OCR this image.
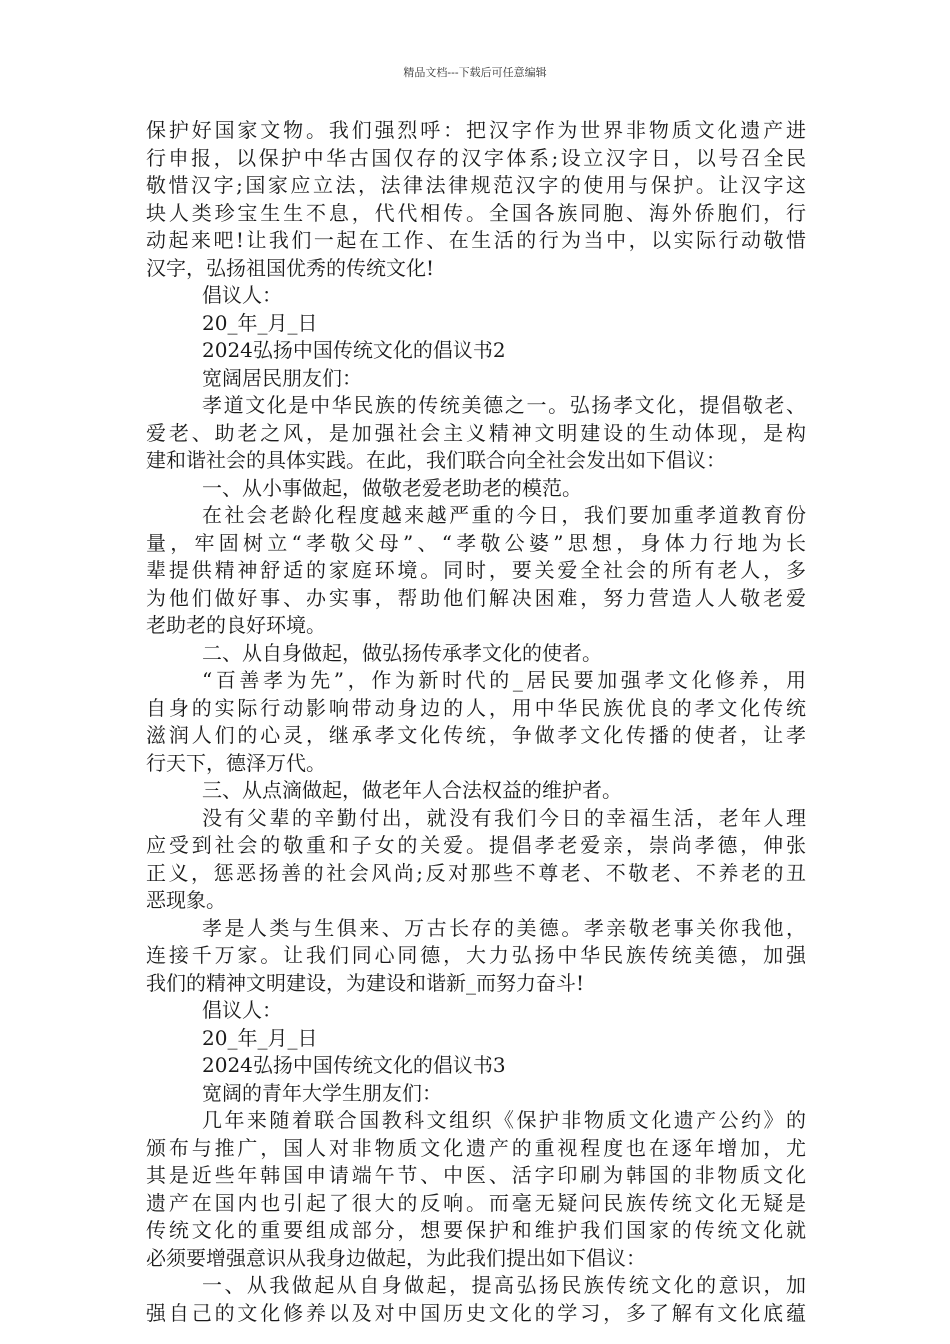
精品文档---下载后可任意编辑
保护好国家文物。我们强烈呼：把汉字作为世界非物质文化遗产进
行申报，以保护中华古国仅存的汉字体系;设立汉字日，以号召全民
敬惜汉字;国家应立法，法律法律规范汉字的使用与保护。让汉字这
块人类珍宝生生不息，代代相传。全国各族同胞、海外侨胞们，行
动起来吧!让我们一起在工作、在生活的行为当中，以实际行动敬惜
汉字，弘扬祖国优秀的传统文化!
倡议人：
20_年_月_日
2024弘扬中国传统文化的倡议书2
宽阔居民朋友们：
孝道文化是中华民族的传统美德之一。弘扬孝文化，提倡敬老、
爱老、助老之风，是加强社会主义精神文明建设的生动体现，是构
建和谐社会的具体实践。在此，我们联合向全社会发出如下倡议：
一、从小事做起，做敬老爱老助老的模范。
在社会老龄化程度越来越严重的今日，我们要加重孝道教育份
量，牢固树立“孝敬父母”、“孝敬公婆”思想，身体力行地为长
辈提供精神舒适的家庭环境。同时，要关爱全社会的所有老人，多
为他们做好事、办实事，帮助他们解决困难，努力营造人人敬老爱
老助老的良好环境。
二、从自身做起，做弘扬传承孝文化的使者。
“百善孝为先”，作为新时代的_居民要加强孝文化修养，用
自身的实际行动影响带动身边的人，用中华民族优良的孝文化传统
滋润人们的心灵，继承孝文化传统，争做孝文化传播的使者，让孝
行天下，德泽万代。
三、从点滴做起，做老年人合法权益的维护者。
没有父辈的辛勤付出，就没有我们今日的幸福生活，老年人理
应受到社会的敬重和子女的关爱。提倡孝老爱亲，崇尚孝德，伸张
正义，惩恶扬善的社会风尚;反对那些不尊老、不敬老、不养老的丑
恶现象。
孝是人类与生俱来、万古长存的美德。孝亲敬老事关你我他，
连接千万家。让我们同心同德，大力弘扬中华民族传统美德，加强
我们的精神文明建设，为建设和谐新_而努力奋斗!
倡议人：
20_年_月_日
2024弘扬中国传统文化的倡议书3
宽阔的青年大学生朋友们：
几年来随着联合国教科文组织《保护非物质文化遗产公约》的
颁布与推广，国人对非物质文化遗产的重视程度也在逐年增加，尤
其是近些年韩国申请端午节、中医、活字印刷为韩国的非物质文化
遗产在国内也引起了很大的反响。而毫无疑问民族传统文化无疑是
传统文化的重要组成部分，想要保护和维护我们国家的传统文化就
必须要增强意识从我身边做起，为此我们提出如下倡议：
一、从我做起从自身做起，提高弘扬民族传统文化的意识，加
强自己的文化修养以及对中国历史文化的学习，多了解有文化底蕴
